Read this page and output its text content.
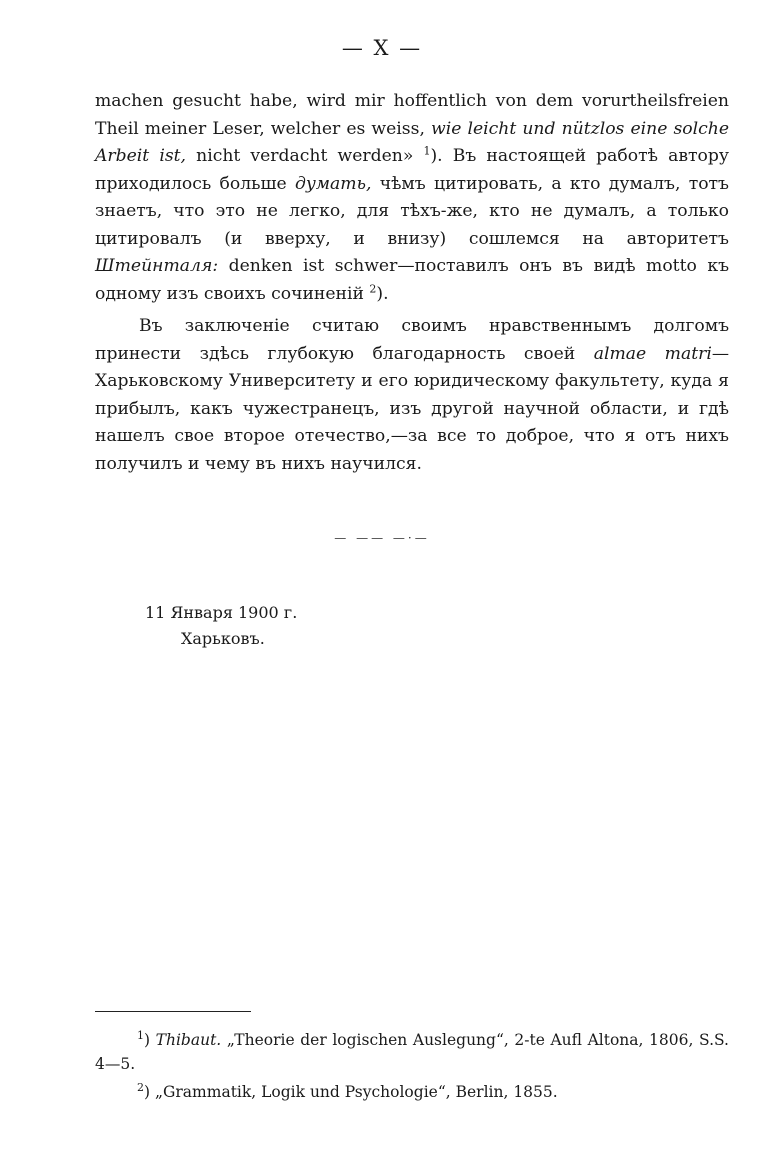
— X —

machen gesucht habe, wird mir hoffentlich von dem vorurtheilsfreien Theil meiner Leser, welcher es weiss, wie leicht und nützlos eine solche Arbeit ist, nicht verdacht werden» $^1$). Въ настоящей работѣ автору приходилось больше думать, чѣмъ цитировать, а кто думалъ, тотъ знаетъ, что это не легко, для тѣхъ-же, кто не думалъ, а только цитировалъ (и вверху, и внизу) сошлемся на авторитетъ Штейнталя: denken ist schwer—поставилъ онъ въ видѣ motto къ одному изъ своихъ сочиненій $^2$).

Въ заключеніе считаю своимъ нравственнымъ долгомъ принести здѣсь глубокую благодарность своей almae matri—Харьковскому Университету и его юридическому факультету, куда я прибылъ, какъ чужестранецъ, изъ другой научной области, и гдѣ нашелъ свое второе отечество,—за все то доброе, что я отъ нихъ получилъ и чему въ нихъ научился.

— —— —·—
11 Января 1900 г.
Харьковъ.

$^1$) Thibaut. „Theorie der logischen Auslegung“, 2-te Aufl Altona, 1806, S.S. 4—5.

$^2$) „Grammatik, Logik und Psychologie“, Berlin, 1855.
